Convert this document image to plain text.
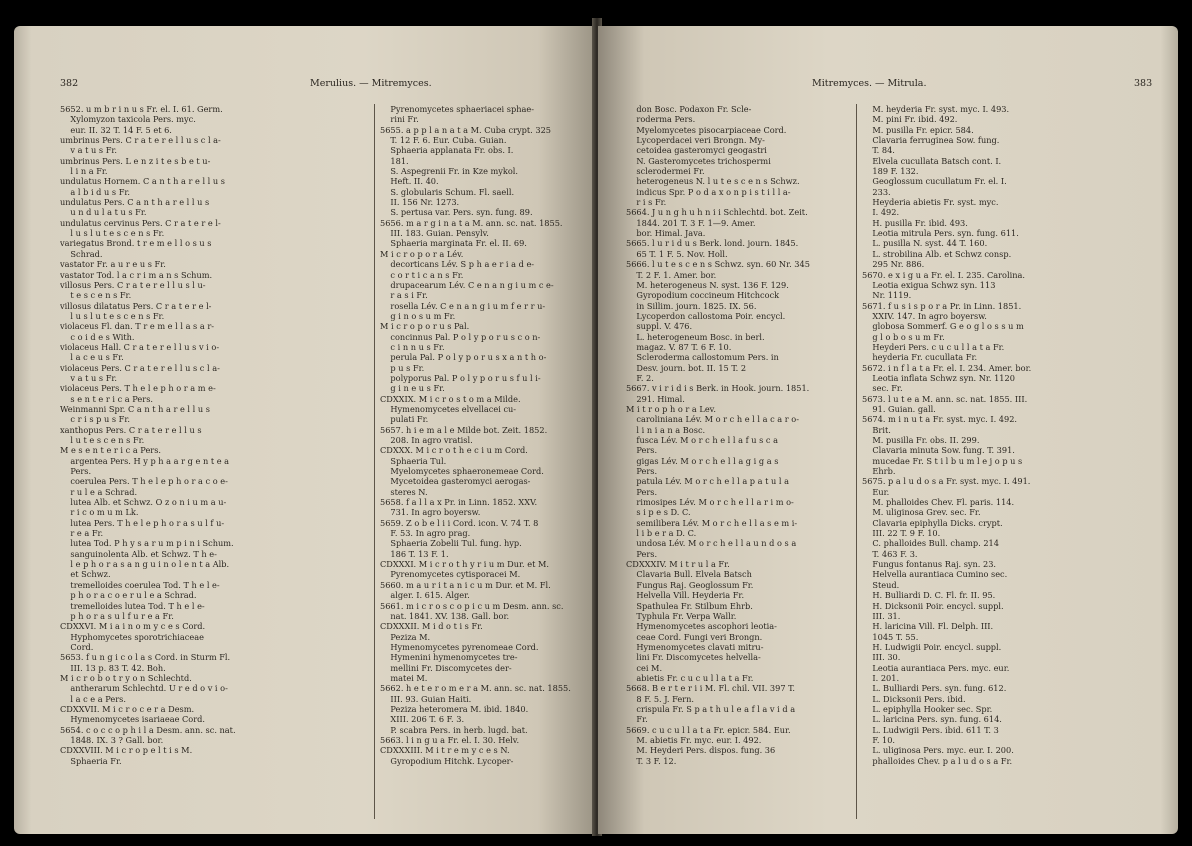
382	Merulius. — Mitremyces.
5652. u m b r i n u s Fr. el. I. 61. Germ.
Xylomyzon taxicola Pers. myc.
eur. II. 32 T. 14 F. 5 et 6.
umbrinus Pers. C r a t e r e l l u s c l a-
v a t u s Fr.
umbrinus Pers. L e n z i t e s b e t u-
l i n a Fr.
undulatus Hornem. C a n t h a r e l l u s
a l b i d u s Fr.
undulatus Pers. C a n t h a r e l l u s
u n d u l a t u s Fr.
undulatus cervinus Pers. C r a t e r e l-
l u s l u t e s c e n s Fr.
variegatus Brond. t r e m e l l o s u s
Schrad.
vastator Fr. a u r e u s Fr.
vastator Tod. l a c r i m a n s Schum.
villosus Pers. C r a t e r e l l u s l u-
t e s c e n s Fr.
villosus dilatatus Pers. C r a t e r e l-
l u s l u t e s c e n s Fr.
violaceus Fl. dan. T r e m e l l a s a r-
c o i d e s With.
violaceus Hall. C r a t e r e l l u s v i o-
l a c e u s Fr.
violaceus Pers. C r a t e r e l l u s c l a-
v a t u s Fr.
violaceus Pers. T h e l e p h o r a m e-
s e n t e r i c a Pers.
Weinmanni Spr. C a n t h a r e l l u s
c r i s p u s Fr.
xanthopus Pers. C r a t e r e l l u s
l u t e s c e n s Fr.
M e s e n t e r i c a Pers.
argentea Pers. H y p h a a r g e n t e a
Pers.
coerulea Pers. T h e l e p h o r a c o e-
r u l e a Schrad.
lutea Alb. et Schwz. O z o n i u m a u-
r i c o m u m Lk.
lutea Pers. T h e l e p h o r a s u l f u-
r e a Fr.
lutea Tod. P h y s a r u m p i n i Schum.
sanguinolenta Alb. et Schwz. T h e-
l e p h o r a s a n g u i n o l e n t a Alb.
et Schwz.
tremelloides coerulea Tod. T h e l e-
p h o r a c o e r u l e a Schrad.
tremelloides lutea Tod. T h e l e-
p h o r a s u l f u r e a Fr.
CDXXVI. M i a i n o m y c e s Cord.
Hyphomycetes sporotrichiaceae
Cord.
5653. f u n g i c o l a s Cord. in Sturm Fl.
III. 13 p. 83 T. 42. Boh.
M i c r o b o t r y o n Schlechtd.
antherarum Schlechtd. U r e d o v i o-
l a c e a Pers.
CDXXVII. M i c r o c e r a Desm.
Hymenomycetes isariaeae Cord.
5654. c o c c o p h i l a Desm. ann. sc. nat.
1848. IX. 3 ? Gall. bor.
CDXXVIII. M i c r o p e l t i s M.
Sphaeria Fr.
Pyrenomycetes sphaeriacei sphae-
rini Fr.
5655. a p p l a n a t a M. Cuba crypt. 325
T. 12 F. 6. Eur. Cuba. Guian.
Sphaeria applanata Fr. obs. I.
181.
S. Aspegrenii Fr. in Kze mykol.
Heft. II. 40.
S. globularis Schum. Fl. saell.
II. 156 Nr. 1273.
S. pertusa var. Pers. syn. fung. 89.
5656. m a r g i n a t a M. ann. sc. nat. 1855.
III. 183. Guian. Pensylv.
Sphaeria marginata Fr. el. II. 69.
M i c r o p o r a Lév.
decorticans Lév. S p h a e r i a d e-
c o r t i c a n s Fr.
drupacearum Lév. C e n a n g i u m c e-
r a s i Fr.
rosella Lév. C e n a n g i u m f e r r u-
g i n o s u m Fr.
M i c r o p o r u s Pal.
concinnus Pal. P o l y p o r u s c o n-
c i n n u s Fr.
perula Pal. P o l y p o r u s x a n t h o-
p u s Fr.
polyporus Pal. P o l y p o r u s f u l i-
g i n e u s Fr.
CDXXIX. M i c r o s t o m a Milde.
Hymenomycetes elvellacei cu-
pulati Fr.
5657. h i e m a l e Milde bot. Zeit. 1852.
208. In agro vratisl.
CDXXX. M i c r o t h e c i u m Cord.
Sphaeria Tul.
Myelomycetes sphaeronemeae Cord.
Mycetoidea gasteromyci aerogas-
steres N.
5658. f a l l a x Pr. in Linn. 1852. XXV.
731. In agro boyersw.
5659. Z o b e l i i Cord. icon. V. 74 T. 8
F. 53. In agro prag.
Sphaeria Zobelii Tul. fung. hyp.
186 T. 13 F. 1.
CDXXXI. M i c r o t h y r i u m Dur. et M.
Pyrenomycetes cytisporacei M.
5660. m a u r i t a n i c u m Dur. et M. Fl.
alger. I. 615. Alger.
5661. m i c r o s c o p i c u m Desm. ann. sc.
nat. 1841. XV. 138. Gall. bor.
CDXXXII. M i d o t i s Fr.
Peziza M.
Hymenomycetes pyrenomeae Cord.
Hymenini hymenomycetes tre-
mellini Fr. Discomycetes der-
matei M.
5662. h e t e r o m e r a M. ann. sc. nat. 1855.
III. 93. Guian Haiti.
Peziza heteromera M. ibid. 1840.
XIII. 206 T. 6 F. 3.
P. scabra Pers. in herb. lugd. bat.
5663. l i n g u a Fr. el. I. 30. Helv.
CDXXXIII. M i t r e m y c e s N.
Gyropodium Hitchk. Lycoper-
Mitremyces. — Mitrula.	383
don Bosc. Podaxon Fr. Scle-
roderma Pers.
Myelomycetes pisocarpiaceae Cord.
Lycoperdacei veri Brongn. My-
cetoidea gasteromyci geogastri
N. Gasteromycetes trichospermi
sclerodermei Fr.
heterogeneus N. l u t e s c e n s Schwz.
indicus Spr. P o d a x o n p i s t i l l a-
r i s Fr.
5664. J u n g h u h n i i Schlechtd. bot. Zeit.
1844. 201 T. 3 F. 1—9. Amer.
bor. Himal. Java.
5665. l u r i d u s Berk. lond. journ. 1845.
65 T. 1 F. 5. Nov. Holl.
5666. l u t e s c e n s Schwz. syn. 60 Nr. 345
T. 2 F. 1. Amer. bor.
M. heterogeneus N. syst. 136 F. 129.
Gyropodium coccineum Hitchcock
in Sillim. journ. 1825. IX. 56.
Lycoperdon callostoma Poir. encycl.
suppl. V. 476.
L. heterogeneum Bosc. in berl.
magaz. V. 87 T. 6 F. 10.
Scleroderma callostomum Pers. in
Desv. journ. bot. II. 15 T. 2
F. 2.
5667. v i r i d i s Berk. in Hook. journ. 1851.
291. Himal.
M i t r o p h o r a Lev.
caroliniana Lév. M o r c h e l l a c a r o-
l i n i a n a Bosc.
fusca Lév. M o r c h e l l a f u s c a
Pers.
gigas Lév. M o r c h e l l a g i g a s
Pers.
patula Lév. M o r c h e l l a p a t u l a
Pers.
rimosipes Lév. M o r c h e l l a r i m o-
s i p e s D. C.
semilibera Lév. M o r c h e l l a s e m i-
l i b e r a D. C.
undosa Lév. M o r c h e l l a u n d o s a
Pers.
CDXXXIV. M i t r u l a Fr.
Clavaria Bull. Elvela Batsch
Fungus Raj. Geoglossum Fr.
Helvella Vill. Heyderia Fr.
Spathulea Fr. Stilbum Ehrb.
Typhula Fr. Verpa Wallr.
Hymenomycetes ascophori leotia-
ceae Cord. Fungi veri Brongn.
Hymenomycetes clavati mitru-
lini Fr. Discomycetes helvella-
cei M.
abietis Fr. c u c u l l a t a Fr.
5668. B e r t e r i i M. Fl. chil. VII. 397 T.
8 F. 5. J. Fern.
crispula Fr. S p a t h u l e a f l a v i d a
Fr.
5669. c u c u l l a t a Fr. epicr. 584. Eur.
M. abietis Fr. myc. eur. I. 492.
M. Heyderi Pers. dispos. fung. 36
T. 3 F. 12.
M. heyderia Fr. syst. myc. I. 493.
M. pini Fr. ibid. 492.
M. pusilla Fr. epicr. 584.
Clavaria ferruginea Sow. fung.
T. 84.
Elvela cucullata Batsch cont. I.
189 F. 132.
Geoglossum cucullatum Fr. el. I.
233.
Heyderia abietis Fr. syst. myc.
I. 492.
H. pusilla Fr. ibid. 493.
Leotia mitrula Pers. syn. fung. 611.
L. pusilla N. syst. 44 T. 160.
L. strobilina Alb. et Schwz consp.
295 Nr. 886.
5670. e x i g u a Fr. el. I. 235. Carolina.
Leotia exigua Schwz syn. 113
Nr. 1119.
5671. f u s i s p o r a Pr. in Linn. 1851.
XXIV. 147. In agro boyersw.
globosa Sommerf. G e o g l o s s u m
g l o b o s u m Fr.
Heyderi Pers. c u c u l l a t a Fr.
heyderia Fr. cucullata Fr.
5672. i n f l a t a Fr. el. I. 234. Amer. bor.
Leotia inflata Schwz syn. Nr. 1120
sec. Fr.
5673. l u t e a M. ann. sc. nat. 1855. III.
91. Guian. gall.
5674. m i n u t a Fr. syst. myc. I. 492.
Brit.
M. pusilla Fr. obs. II. 299.
Clavaria minuta Sow. fung. T. 391.
mucedae Fr. S t i l b u m l e j o p u s
Ehrb.
5675. p a l u d o s a Fr. syst. myc. I. 491.
Eur.
M. phalloides Chev. Fl. paris. 114.
M. uliginosa Grev. sec. Fr.
Clavaria epiphylla Dicks. crypt.
III. 22 T. 9 F. 10.
C. phalloides Bull. champ. 214
T. 463 F. 3.
Fungus fontanus Raj. syn. 23.
Helvella aurantiaca Cumino sec.
Steud.
H. Bulliardi D. C. Fl. fr. II. 95.
H. Dicksonii Poir. encycl. suppl.
III. 31.
H. laricina Vill. Fl. Delph. III.
1045 T. 55.
H. Ludwigii Poir. encycl. suppl.
III. 30.
Leotia aurantiaca Pers. myc. eur.
I. 201.
L. Bulliardi Pers. syn. fung. 612.
L. Dicksonii Pers. ibid.
L. epiphylla Hooker sec. Spr.
L. laricina Pers. syn. fung. 614.
L. Ludwigii Pers. ibid. 611 T. 3
F. 10.
L. uliginosa Pers. myc. eur. I. 200.
phalloides Chev. p a l u d o s a Fr.
